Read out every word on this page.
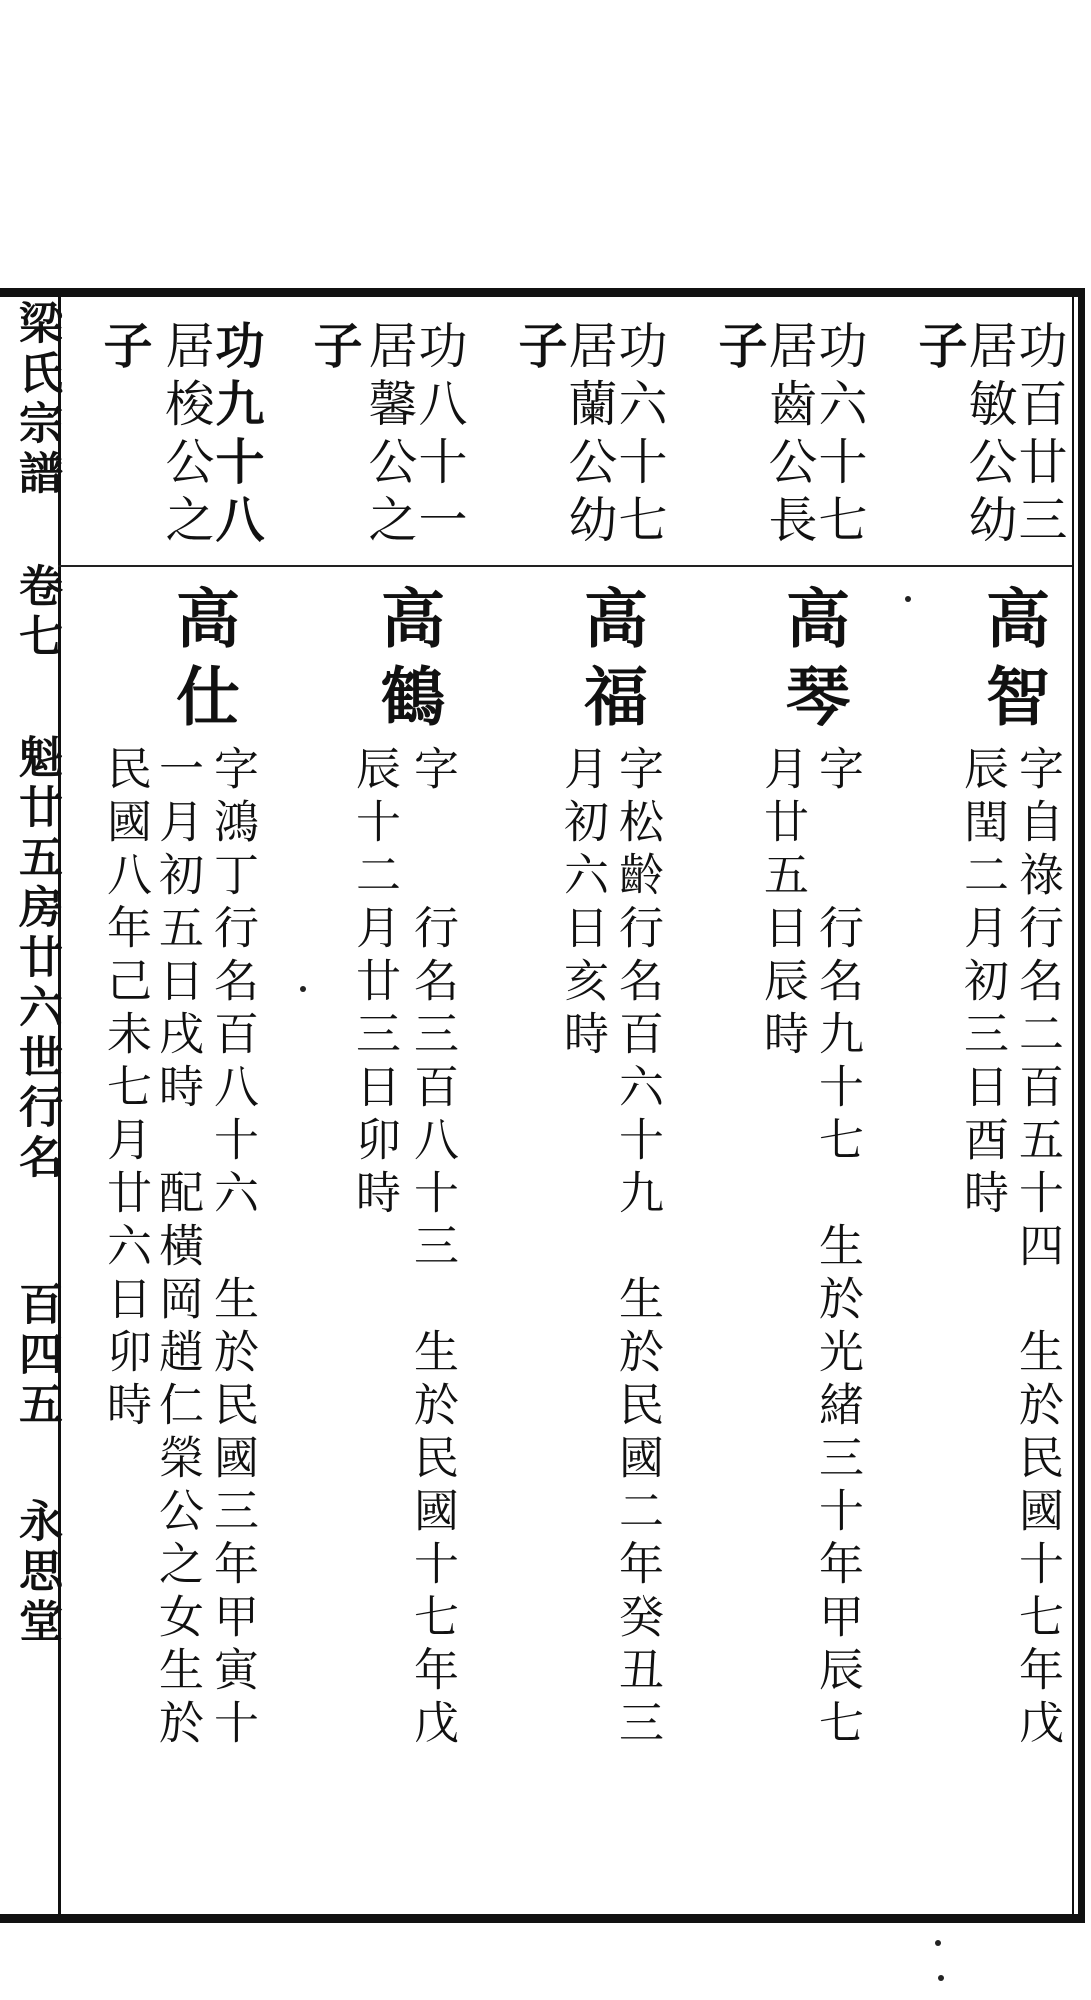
梁氏宗譜 卷七 魁廿五房廿六世行名 百四五 永思堂
功百廿三
居敏公幼
子
高智
字自祿行名二百五十四　生於民國十七年戊
辰閏二月初三日酉時
功六十七
居齒公長
子
高琴
字　　行名九十七　生於光緒三十年甲辰七
月廿五日辰時
功六十七
居蘭公幼
子
高福
字松齡行名百六十九　生於民國二年癸丑三
月初六日亥時
功八十一
居馨公之
子
高鶴
字　　行名三百八十三　生於民國十七年戊
辰十二月廿三日卯時
功九十八
居梭公之
子
高仕
字鴻丁行名百八十六　生於民國三年甲寅十
一月初五日戌時　配橫岡趙仁榮公之女生於
民國八年己未七月廿六日卯時
